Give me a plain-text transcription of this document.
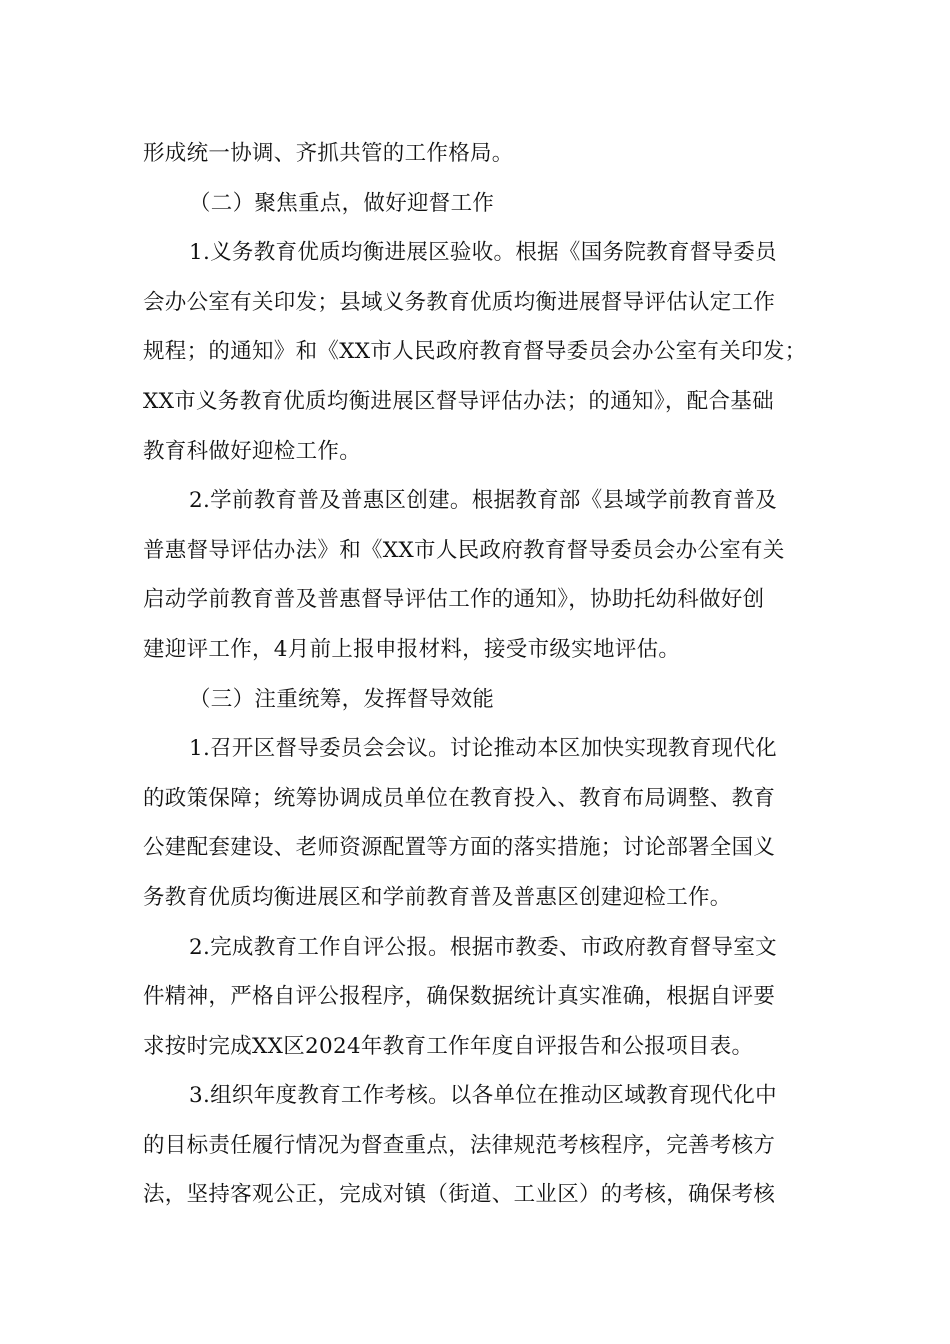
形成统一协调、齐抓共管的工作格局。
（二）聚焦重点，做好迎督工作
1.义务教育优质均衡进展区验收。根据《国务院教育督导委员
会办公室有关印发；县域义务教育优质均衡进展督导评估认定工作
规程；的通知》和《XX市人民政府教育督导委员会办公室有关印发；
XX市义务教育优质均衡进展区督导评估办法；的通知》，配合基础
教育科做好迎检工作。
2.学前教育普及普惠区创建。根据教育部《县域学前教育普及
普惠督导评估办法》和《XX市人民政府教育督导委员会办公室有关
启动学前教育普及普惠督导评估工作的通知》，协助托幼科做好创
建迎评工作，4月前上报申报材料，接受市级实地评估。
（三）注重统筹，发挥督导效能
1.召开区督导委员会会议。讨论推动本区加快实现教育现代化
的政策保障；统筹协调成员单位在教育投入、教育布局调整、教育
公建配套建设、老师资源配置等方面的落实措施；讨论部署全国义
务教育优质均衡进展区和学前教育普及普惠区创建迎检工作。
2.完成教育工作自评公报。根据市教委、市政府教育督导室文
件精神，严格自评公报程序，确保数据统计真实准确，根据自评要
求按时完成XX区2024年教育工作年度自评报告和公报项目表。
3.组织年度教育工作考核。以各单位在推动区域教育现代化中
的目标责任履行情况为督查重点，法律规范考核程序，完善考核方
法，坚持客观公正，完成对镇（街道、工业区）的考核，确保考核
